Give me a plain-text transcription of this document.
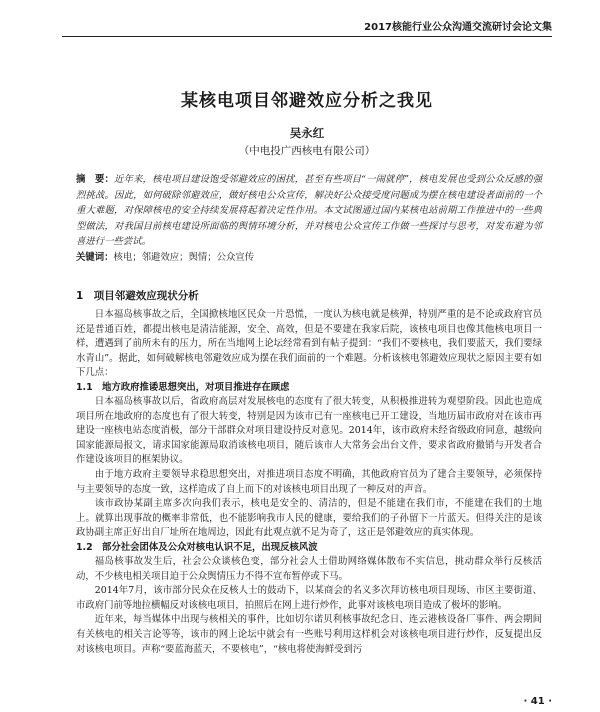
2017核能行业公众沟通交流研讨会论文集
某核电项目邻避效应分析之我见
吴永红
（中电投广西核电有限公司）
摘　要：近年来，核电项目建设饱受邻避效应的困扰，甚至有些项目“一闹就停”，核电发展也受到公众反感的强烈挑战。因此，如何破除邻避效应，做好核电公众宣传，解决好公众接受度问题成为摆在核电建设者面前的一个重大难题，对保障核电的安全持续发展将起着决定性作用。本文试图通过国内某核电站前期工作推进中的一些典型做法，对我国目前核电建设所面临的舆情环境分析，并对核电公众宣传工作做一些探讨与思考，对发布避为邻喜进行一些尝试。
关键词：核电；邻避效应；舆情；公众宣传
1　项目邻避效应现状分析

日本福岛核事故之后，全国掀核地区民众一片恐慌，一度认为核电就是核弹，特别严重的是不论或政府官员还是普通百姓，都提出核电是清洁能源，安全、高效，但是不要建在我家后院，该核电项目也像其他核电项目一样，遭遇到了前所未有的压力，所在当地网上论坛经常看到有帖子提到：“我们不要核电，我们要蓝天，我们要绿水青山”。据此，如何破解核电邻避效应成为摆在我们面前的一个难题。分析该核电邻避效应现状之原因主要有如下几点：

1.1　地方政府推诿思想突出，对项目推进存在顾虑

日本福岛核事故以后，省政府高层对发展核电的态度有了很大转变，从积极推进转为观望阶段。因此也造成项目所在地政府的态度也有了很大转变，特别是因为该市已有一座核电已开工建设，当地历届市政府对在该市再建设一座核电站态度消极，部分干部群众对项目建设持反对意见。2014年，该市政府未经省级政府同意，越级向国家能源局报文，请求国家能源局取消该核电项目，随后该市人大常务会出台文件，要求省政府撤销与开发者合作建设该项目的框架协议。

由于地方政府主要领导求稳思想突出，对推进项目态度不明确，其他政府官员为了建合主要领导，必须保持与主要领导的态度一致，这样造成了自上而下的对该核电项目出现了一种反对的声音。

该市政协某副主席多次向我们表示，核电是安全的、清洁的，但是不能建在我们市，不能建在我们的土地上。就算出现事故的概率非常低，也不能影响我市人民的健康，要给我们的子孙留下一片蓝天。但得关注的是该政协副主席正好出自厂址所在地周边，因此有此观点就不足为奇了，这正是邻避效应的真实体现。

1.2　部分社会团体及公众对核电认识不足，出现反核风波

福岛核事故发生后，社会公众谈核色变，部分社会人士借助网络媒体散布不实信息，挑动群众举行反核活动，不少核电相关项目迫于公众舆情压力不得不宣布暂停或下马。

2014年7月，该市部分民众在反核人士的鼓动下，以某商会的名义多次拜访核电项目现场、市区主要街道、市政府门前等地拉横幅反对该核电项目，拍照后在网上进行炒作，此事对该核电项目造成了极坏的影响。

近年来，每当媒体中出现与核相关的事件，比如切尔诺贝利核事故纪念日、连云港核设备厂事件、两会期间有关核电的相关言论等等，该市的网上论坛中就会有一些账号利用这样机会对该核电项目进行炒作，反复提出反对该核电项目。声称“要蓝海蓝天，不要核电”，“核电将使海鲜受到污

· 41 ·
